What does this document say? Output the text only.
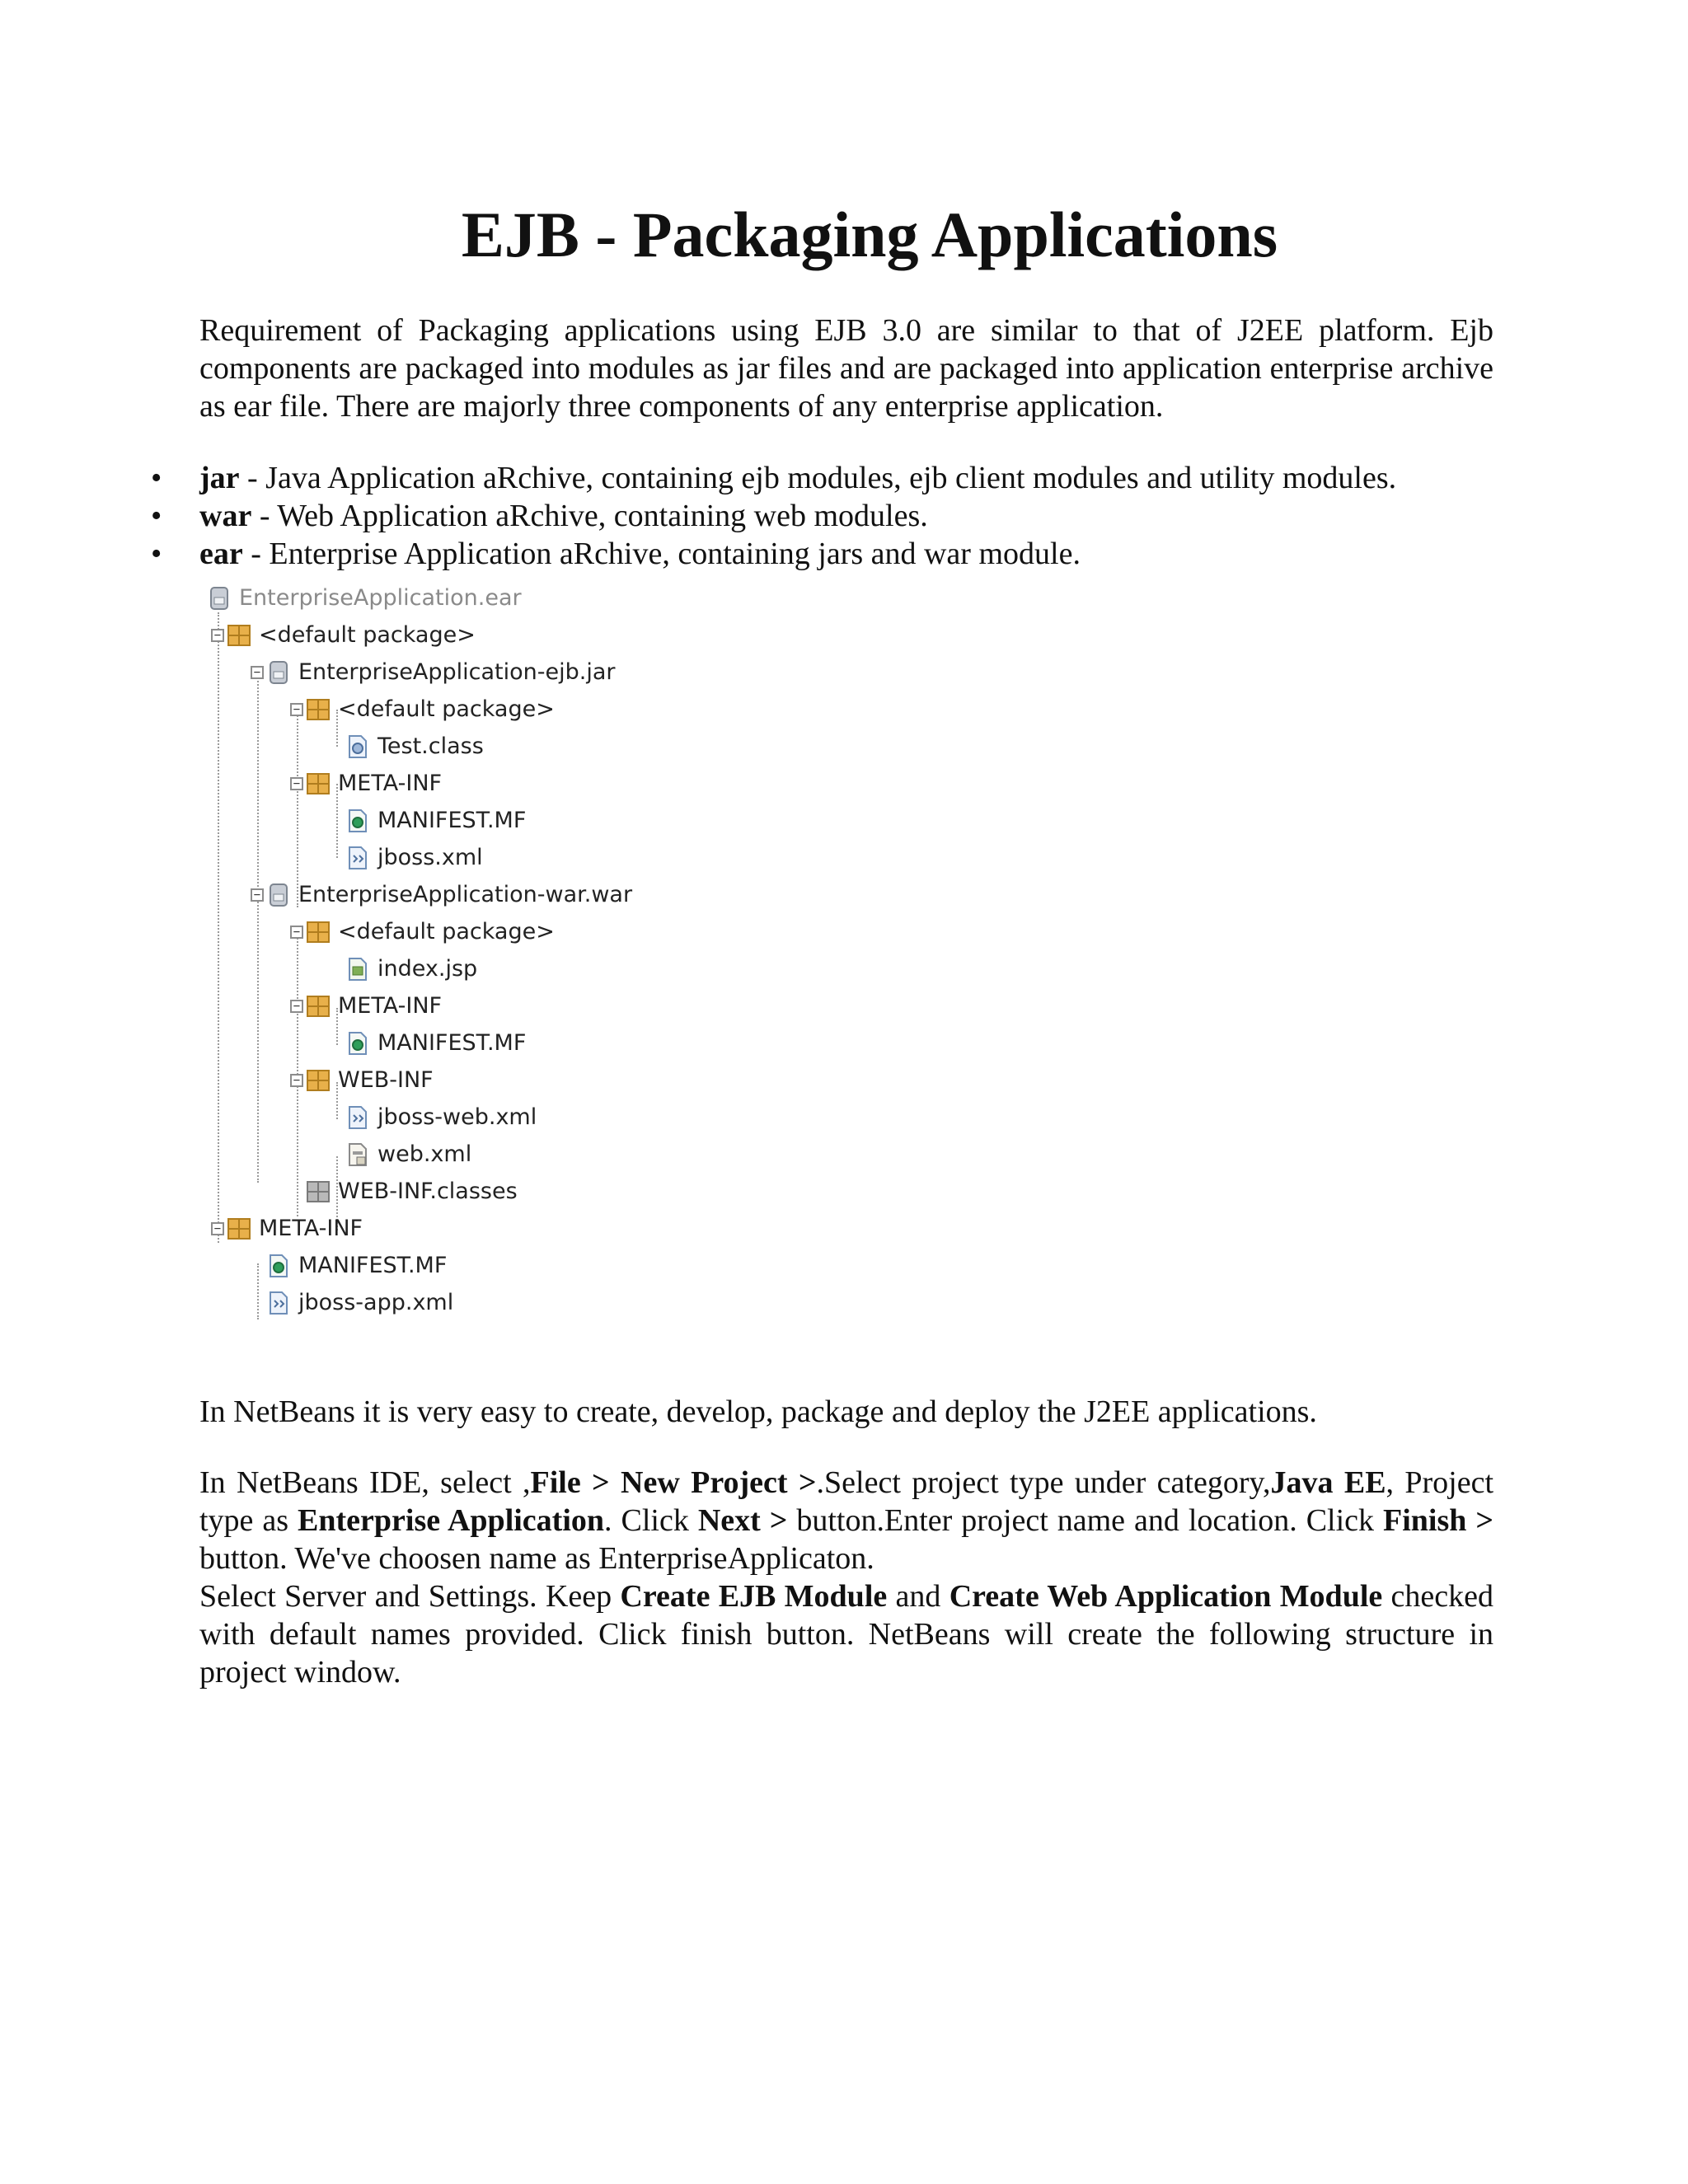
EJB - Packaging Applications

Requirement of Packaging applications using EJB 3.0 are similar to that of J2EE platform. Ejb components are packaged into modules as jar files and are packaged into application enterprise archive as ear file. There are majorly three components of any enterprise application.

• jar - Java Application aRchive, containing ejb modules, ejb client modules and utility modules.
• war - Web Application aRchive, containing web modules.
• ear - Enterprise Application aRchive, containing jars and war module.
EnterpriseApplication.ear
− <default package>
− EnterpriseApplication-ejb.jar
− <default package>
Test.class
− META-INF
MANIFEST.MF
jboss.xml
− EnterpriseApplication-war.war
− <default package>
index.jsp
− META-INF
MANIFEST.MF
− WEB-INF
jboss-web.xml
web.xml
WEB-INF.classes
− META-INF
MANIFEST.MF
jboss-app.xml

In NetBeans it is very easy to create, develop, package and deploy the J2EE applications.

In NetBeans IDE, select ,File > New Project >.Select project type under category,Java EE, Project type as Enterprise Application. Click Next > button.Enter project name and location. Click Finish > button. We've choosen name as EnterpriseApplicaton.

Select Server and Settings. Keep Create EJB Module and Create Web Application Module checked with default names provided. Click finish button. NetBeans will create the following structure in project window.
